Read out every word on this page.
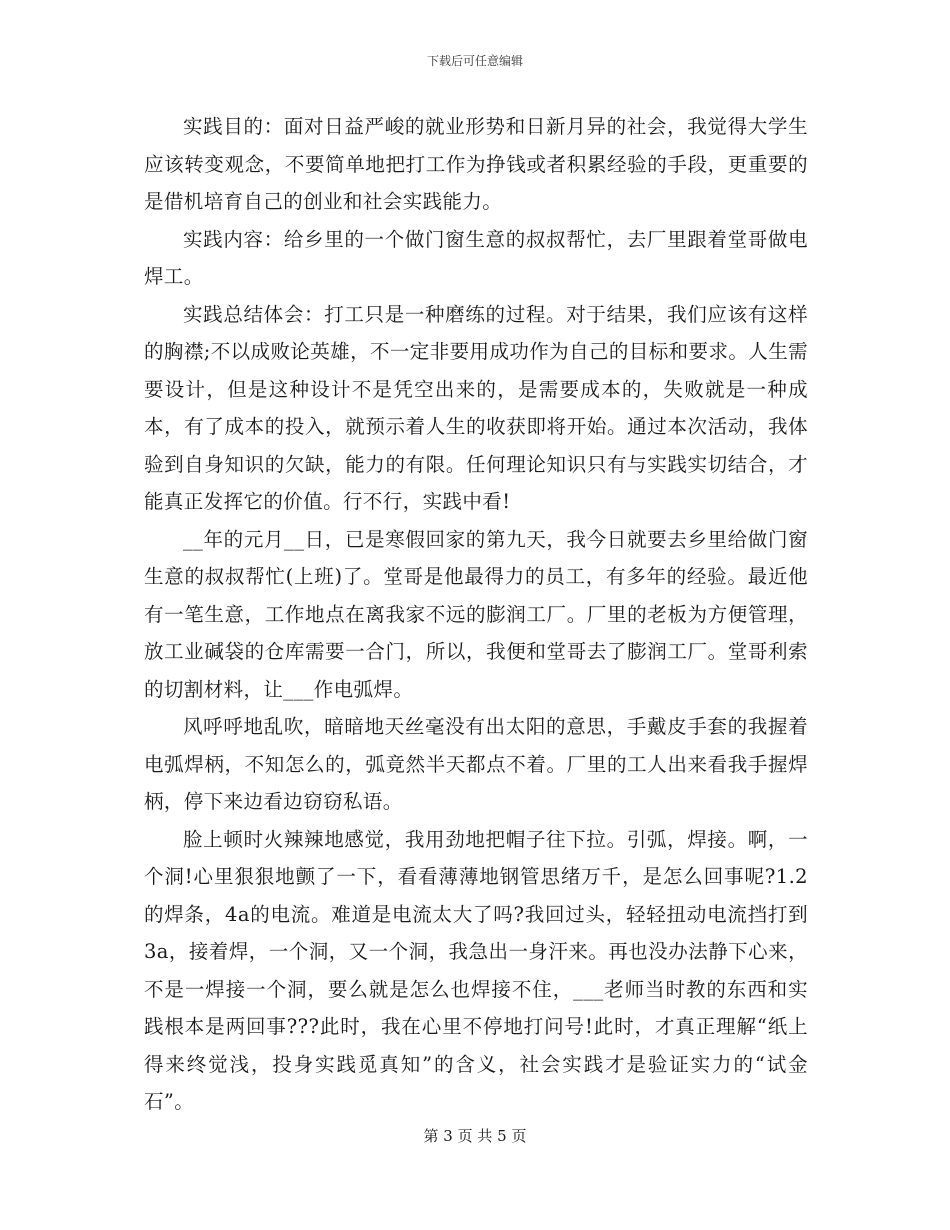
下载后可任意编辑

实践目的：面对日益严峻的就业形势和日新月异的社会，我觉得大学生应该转变观念，不要简单地把打工作为挣钱或者积累经验的手段，更重要的是借机培育自己的创业和社会实践能力。

实践内容：给乡里的一个做门窗生意的叔叔帮忙，去厂里跟着堂哥做电焊工。

实践总结体会：打工只是一种磨练的过程。对于结果，我们应该有这样的胸襟;不以成败论英雄，不一定非要用成功作为自己的目标和要求。人生需要设计，但是这种设计不是凭空出来的，是需要成本的，失败就是一种成本，有了成本的投入，就预示着人生的收获即将开始。通过本次活动，我体验到自身知识的欠缺，能力的有限。任何理论知识只有与实践实切结合，才能真正发挥它的价值。行不行，实践中看!

__年的元月__日，已是寒假回家的第九天，我今日就要去乡里给做门窗生意的叔叔帮忙(上班)了。堂哥是他最得力的员工，有多年的经验。最近他有一笔生意，工作地点在离我家不远的膨润工厂。厂里的老板为方便管理，放工业碱袋的仓库需要一合门，所以，我便和堂哥去了膨润工厂。堂哥利索的切割材料，让___作电弧焊。

风呼呼地乱吹，暗暗地天丝毫没有出太阳的意思，手戴皮手套的我握着电弧焊柄，不知怎么的，弧竟然半天都点不着。厂里的工人出来看我手握焊柄，停下来边看边窃窃私语。

脸上顿时火辣辣地感觉，我用劲地把帽子往下拉。引弧，焊接。啊，一个洞!心里狠狠地颤了一下，看看薄薄地钢管思绪万千，是怎么回事呢?1.2的焊条，4a的电流。难道是电流太大了吗?我回过头，轻轻扭动电流挡打到3a，接着焊，一个洞，又一个洞，我急出一身汗来。再也没办法静下心来，不是一焊接一个洞，要么就是怎么也焊接不住，___老师当时教的东西和实践根本是两回事???此时，我在心里不停地打问号!此时，才真正理解“纸上得来终觉浅，投身实践觅真知”的含义，社会实践才是验证实力的“试金石”。

第 3 页 共 5 页
